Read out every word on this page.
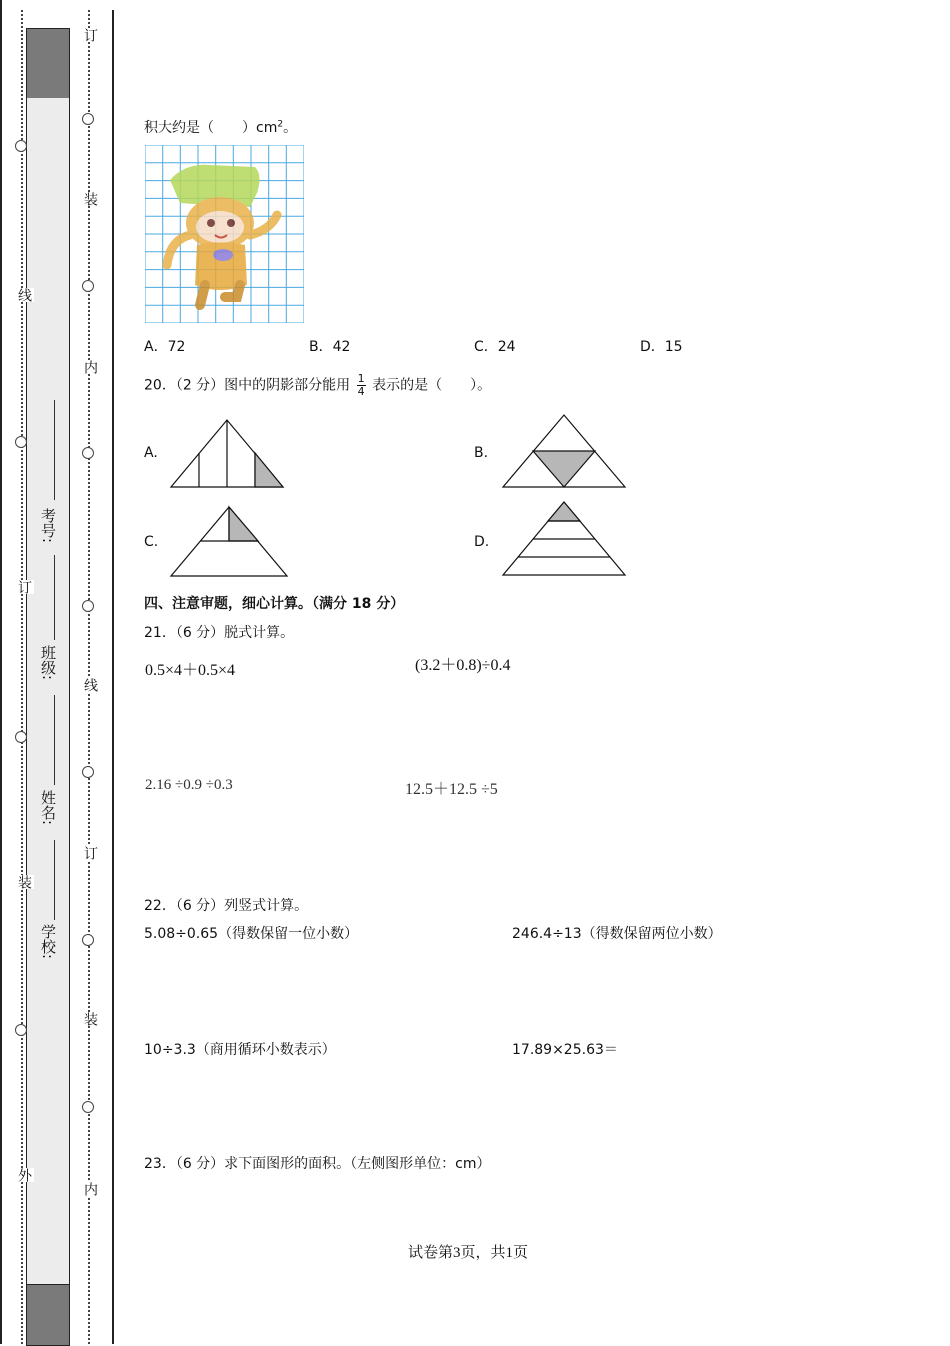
线
订
装
外
订
装
内
线
订
装
内
考号:
班级:
姓名:
学校:
积大约是（　　）$cm^2$。
A．72	B．42	C．24	D．15
20．（2 分）图中的阴影部分能用 $\frac{1}{4}$ 表示的是（　　）。
A.	B.
C.	D.
四、注意审题，细心计算。（满分 18 分）
21．（6 分）脱式计算。
0.5×4＋0.5×4	(3.2＋0.8)÷0.4
2.16 ÷0.9 ÷0.3	12.5＋12.5 ÷5
22．（6 分）列竖式计算。
5.08÷0.65（得数保留一位小数）	246.4÷13（得数保留两位小数）
10÷3.3（商用循环小数表示）	17.89×25.63＝
23．（6 分）求下面图形的面积。（左侧图形单位：cm）
试卷第3页，共1页
